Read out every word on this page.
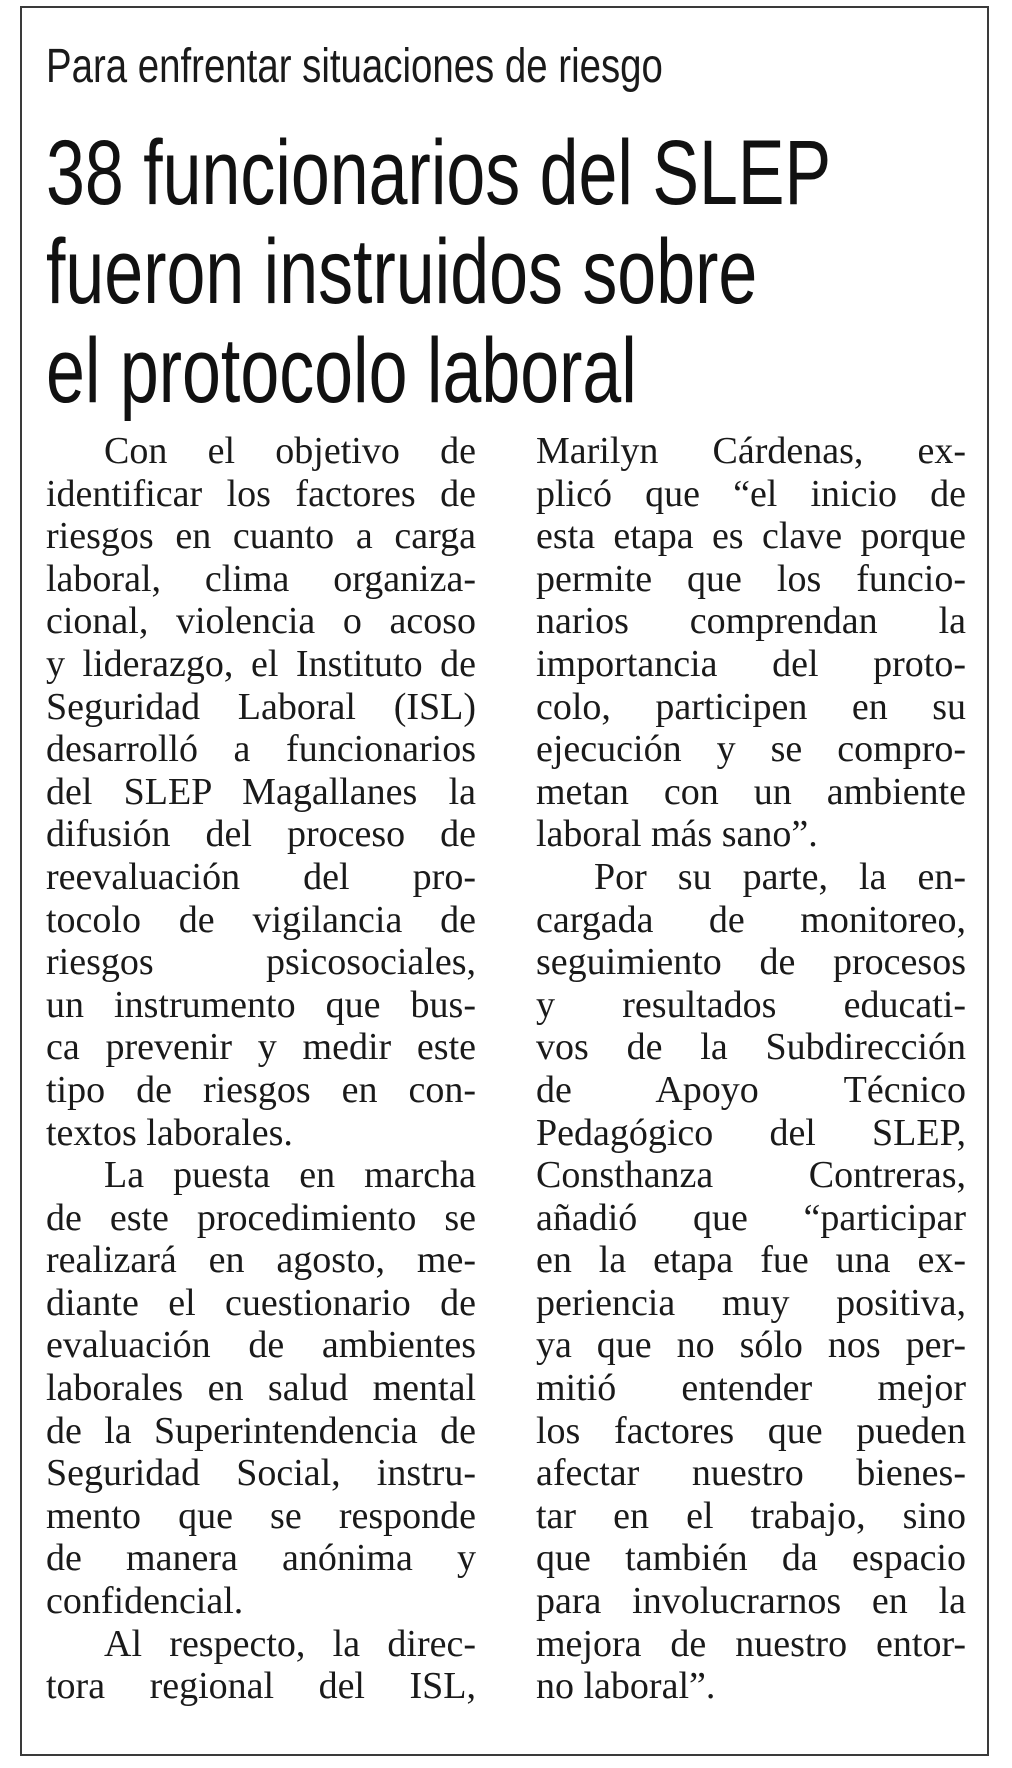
Para enfrentar situaciones de riesgo
38 funcionarios del SLEP
fueron instruidos sobre
el protocolo laboral
Con el objetivo de
identificar los factores de
riesgos en cuanto a carga
laboral, clima organiza-
cional, violencia o acoso
y liderazgo, el Instituto de
Seguridad Laboral (ISL)
desarrolló a funcionarios
del SLEP Magallanes la
difusión del proceso de
reevaluación del pro-
tocolo de vigilancia de
riesgos psicosociales,
un instrumento que bus-
ca prevenir y medir este
tipo de riesgos en con-
textos laborales.
La puesta en marcha
de este procedimiento se
realizará en agosto, me-
diante el cuestionario de
evaluación de ambientes
laborales en salud mental
de la Superintendencia de
Seguridad Social, instru-
mento que se responde
de manera anónima y
confidencial.
Al respecto, la direc-
tora regional del ISL,
Marilyn Cárdenas, ex-
plicó que “el inicio de
esta etapa es clave porque
permite que los funcio-
narios comprendan la
importancia del proto-
colo, participen en su
ejecución y se compro-
metan con un ambiente
laboral más sano”.
Por su parte, la en-
cargada de monitoreo,
seguimiento de procesos
y resultados educati-
vos de la Subdirección
de Apoyo Técnico
Pedagógico del SLEP,
Consthanza Contreras,
añadió que “participar
en la etapa fue una ex-
periencia muy positiva,
ya que no sólo nos per-
mitió entender mejor
los factores que pueden
afectar nuestro bienes-
tar en el trabajo, sino
que también da espacio
para involucrarnos en la
mejora de nuestro entor-
no laboral”.
